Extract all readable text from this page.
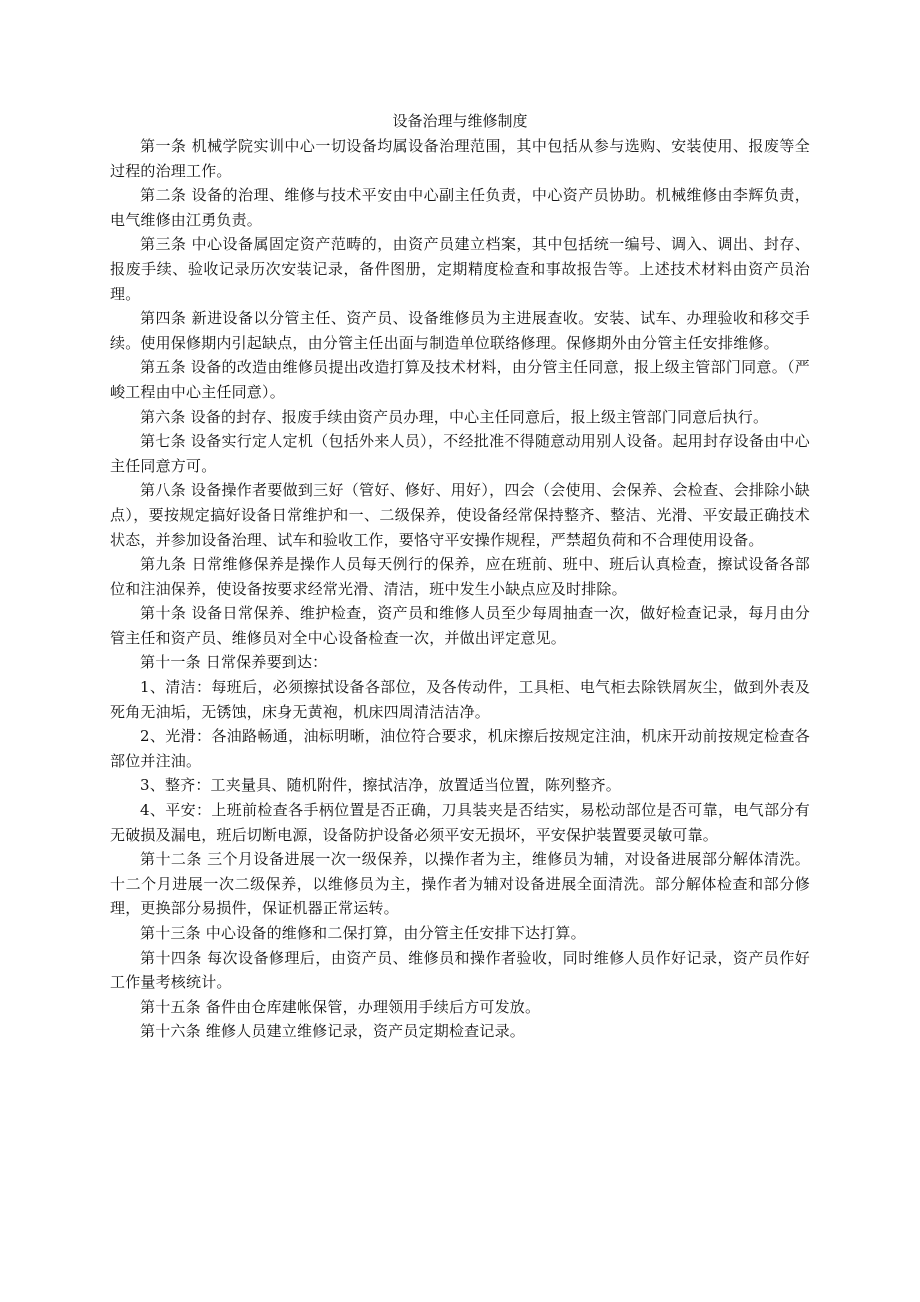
设备治理与维修制度

第一条 机械学院实训中心一切设备均属设备治理范围，其中包括从参与选购、安装使用、报废等全过程的治理工作。

第二条 设备的治理、维修与技术平安由中心副主任负责，中心资产员协助。机械维修由李辉负责，电气维修由江勇负责。

第三条 中心设备属固定资产范畴的，由资产员建立档案，其中包括统一编号、调入、调出、封存、报废手续、验收记录历次安装记录，备件图册，定期精度检查和事故报告等。上述技术材料由资产员治理。

第四条 新进设备以分管主任、资产员、设备维修员为主进展查收。安装、试车、办理验收和移交手续。使用保修期内引起缺点，由分管主任出面与制造单位联络修理。保修期外由分管主任安排维修。

第五条 设备的改造由维修员提出改造打算及技术材料，由分管主任同意，报上级主管部门同意。（严峻工程由中心主任同意）。

第六条 设备的封存、报废手续由资产员办理，中心主任同意后，报上级主管部门同意后执行。

第七条 设备实行定人定机（包括外来人员），不经批准不得随意动用别人设备。起用封存设备由中心主任同意方可。

第八条 设备操作者要做到三好（管好、修好、用好），四会（会使用、会保养、会检查、会排除小缺点），要按规定搞好设备日常维护和一、二级保养，使设备经常保持整齐、整洁、光滑、平安最正确技术状态，并参加设备治理、试车和验收工作，要恪守平安操作规程，严禁超负荷和不合理使用设备。

第九条 日常维修保养是操作人员每天例行的保养，应在班前、班中、班后认真检查，擦试设备各部位和注油保养，使设备按要求经常光滑、清洁，班中发生小缺点应及时排除。

第十条 设备日常保养、维护检查，资产员和维修人员至少每周抽查一次，做好检查记录，每月由分管主任和资产员、维修员对全中心设备检查一次，并做出评定意见。

第十一条 日常保养要到达：

1、清洁：每班后，必须擦拭设备各部位，及各传动件，工具柜、电气柜去除铁屑灰尘，做到外表及死角无油垢，无锈蚀，床身无黄袍，机床四周清洁洁净。

2、光滑：各油路畅通，油标明晰，油位符合要求，机床擦后按规定注油，机床开动前按规定检查各部位并注油。

3、整齐：工夹量具、随机附件，擦拭洁净，放置适当位置，陈列整齐。

4、平安：上班前检查各手柄位置是否正确，刀具装夹是否结实，易松动部位是否可靠，电气部分有无破损及漏电，班后切断电源，设备防护设备必须平安无损坏，平安保护装置要灵敏可靠。

第十二条 三个月设备进展一次一级保养，以操作者为主，维修员为辅，对设备进展部分解体清洗。十二个月进展一次二级保养，以维修员为主，操作者为辅对设备进展全面清洗。部分解体检查和部分修理，更换部分易损件，保证机器正常运转。

第十三条 中心设备的维修和二保打算，由分管主任安排下达打算。

第十四条 每次设备修理后，由资产员、维修员和操作者验收，同时维修人员作好记录，资产员作好工作量考核统计。

第十五条 备件由仓库建帐保管，办理领用手续后方可发放。

第十六条 维修人员建立维修记录，资产员定期检查记录。
